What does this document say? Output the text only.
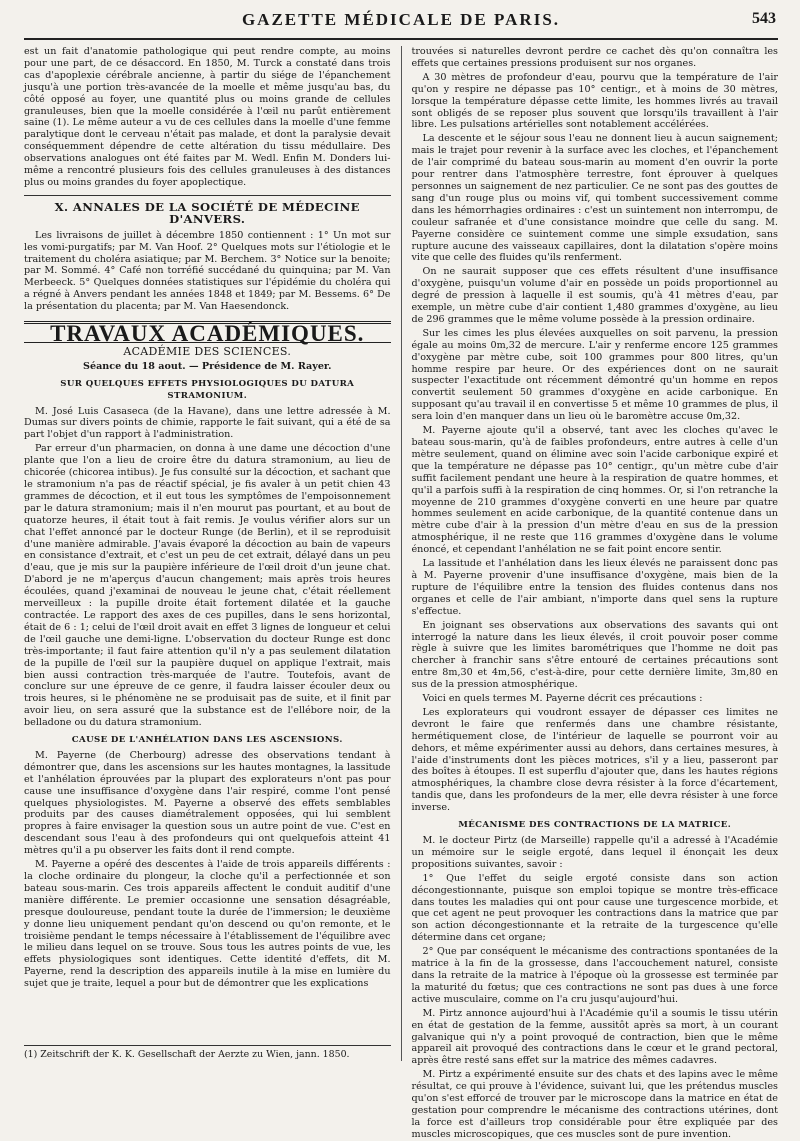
GAZETTE MÉDICALE DE PARIS.	543

est un fait d'anatomie pathologique qui peut rendre compte, au moins pour une part, de ce désaccord. En 1850, M. Turck a constaté dans trois cas d'apoplexie cérébrale ancienne, à partir du siége de l'épanchement jusqu'à une portion très-avancée de la moelle et même jusqu'au bas, du côté opposé au foyer, une quantité plus ou moins grande de cellules granuleuses, bien que la moelle considérée à l'œil nu parût entièrement saine (1). Le même auteur a vu de ces cellules dans la moelle d'une femme paralytique dont le cerveau n'était pas malade, et dont la paralysie devait conséquemment dépendre de cette altération du tissu médullaire. Des observations analogues ont été faites par M. Wedl. Enfin M. Donders lui-même a rencontré plusieurs fois des cellules granuleuses à des distances plus ou moins grandes du foyer apoplectique.

X. ANNALES DE LA SOCIÉTÉ DE MÉDECINE D'ANVERS.

Les livraisons de juillet à décembre 1850 contiennent : 1° Un mot sur les vomi-purgatifs; par M. Van Hoof. 2° Quelques mots sur l'étiologie et le traitement du choléra asiatique; par M. Berchem. 3° Notice sur la benoite; par M. Sommé. 4° Café non torréfié succédané du quinquina; par M. Van Merbeeck. 5° Quelques données statistiques sur l'épidémie du choléra qui a régné à Anvers pendant les années 1848 et 1849; par M. Bessems. 6° De la présentation du placenta; par M. Van Haesendonck.

TRAVAUX ACADÉMIQUES.
ACADÉMIE DES SCIENCES.
Séance du 18 aout. — Présidence de M. Rayer.
SUR QUELQUES EFFETS PHYSIOLOGIQUES DU DATURA STRAMONIUM.

M. José Luis Casaseca (de la Havane), dans une lettre adressée à M. Dumas sur divers points de chimie, rapporte le fait suivant, qui a été de sa part l'objet d'un rapport à l'administration.

Par erreur d'un pharmacien, on donna à une dame une décoction d'une plante que l'on a lieu de croire être du datura stramonium, au lieu de chicorée (chicorea intibus). Je fus consulté sur la décoction, et sachant que le stramonium n'a pas de réactif spécial, je fis avaler à un petit chien 43 grammes de décoction, et il eut tous les symptômes de l'empoisonnement par le datura stramonium; mais il n'en mourut pas pourtant, et au bout de quatorze heures, il était tout à fait remis. Je voulus vérifier alors sur un chat l'effet annoncé par le docteur Runge (de Berlin), et il se reproduisit d'une manière admirable. J'avais évaporé la décoction au bain de vapeurs en consistance d'extrait, et c'est un peu de cet extrait, délayé dans un peu d'eau, que je mis sur la paupière inférieure de l'œil droit d'un jeune chat. D'abord je ne m'aperçus d'aucun changement; mais après trois heures écoulées, quand j'examinai de nouveau le jeune chat, c'était réellement merveilleux : la pupille droite était fortement dilatée et la gauche contractée. Le rapport des axes de ces pupilles, dans le sens horizontal, était de 6 : 1; celui de l'œil droit avait en effet 3 lignes de longueur et celui de l'œil gauche une demi-ligne. L'observation du docteur Runge est donc très-importante; il faut faire attention qu'il n'y a pas seulement dilatation de la pupille de l'œil sur la paupière duquel on applique l'extrait, mais bien aussi contraction très-marquée de l'autre. Toutefois, avant de conclure sur une épreuve de ce genre, il faudra laisser écouler deux ou trois heures, si le phénomène ne se produisait pas de suite, et il finit par avoir lieu, on sera assuré que la substance est de l'ellébore noir, de la belladone ou du datura stramonium.

CAUSE DE L'ANHÉLATION DANS LES ASCENSIONS.

M. Payerne (de Cherbourg) adresse des observations tendant à démontrer que, dans les ascensions sur les hautes montagnes, la lassitude et l'anhélation éprouvées par la plupart des explorateurs n'ont pas pour cause une insuffisance d'oxygène dans l'air respiré, comme l'ont pensé quelques physiologistes. M. Payerne a observé des effets semblables produits par des causes diamétralement opposées, qui lui semblent propres à faire envisager la question sous un autre point de vue. C'est en descendant sous l'eau à des profondeurs qui ont quelquefois atteint 41 mètres qu'il a pu observer les faits dont il rend compte.

M. Payerne a opéré des descentes à l'aide de trois appareils différents : la cloche ordinaire du plongeur, la cloche qu'il a perfectionnée et son bateau sous-marin. Ces trois appareils affectent le conduit auditif d'une manière différente. Le premier occasionne une sensation désagréable, presque douloureuse, pendant toute la durée de l'immersion; le deuxième y donne lieu uniquement pendant qu'on descend ou qu'on remonte, et le troisième pendant le temps nécessaire à l'établissement de l'équilibre avec le milieu dans lequel on se trouve. Sous tous les autres points de vue, les effets physiologiques sont identiques. Cette identité d'effets, dit M. Payerne, rend la description des appareils inutile à la mise en lumière du sujet que je traite, lequel a pour but de démontrer que les explications

(1) Zeitschrift der K. K. Gesellschaft der Aerzte zu Wien, jann. 1850.

trouvées si naturelles devront perdre ce cachet dès qu'on connaîtra les effets que certaines pressions produisent sur nos organes.

A 30 mètres de profondeur d'eau, pourvu que la température de l'air qu'on y respire ne dépasse pas 10° centigr., et à moins de 30 mètres, lorsque la température dépasse cette limite, les hommes livrés au travail sont obligés de se reposer plus souvent que lorsqu'ils travaillent à l'air libre. Les pulsations artérielles sont notablement accélérées.

La descente et le séjour sous l'eau ne donnent lieu à aucun saignement; mais le trajet pour revenir à la surface avec les cloches, et l'épanchement de l'air comprimé du bateau sous-marin au moment d'en ouvrir la porte pour rentrer dans l'atmosphère terrestre, font éprouver à quelques personnes un saignement de nez particulier. Ce ne sont pas des gouttes de sang d'un rouge plus ou moins vif, qui tombent successivement comme dans les hémorrhagies ordinaires : c'est un suintement non interrompu, de couleur safranée et d'une consistance moindre que celle du sang. M. Payerne considère ce suintement comme une simple exsudation, sans rupture aucune des vaisseaux capillaires, dont la dilatation s'opère moins vite que celle des fluides qu'ils renferment.

On ne saurait supposer que ces effets résultent d'une insuffisance d'oxygène, puisqu'un volume d'air en possède un poids proportionnel au degré de pression à laquelle il est soumis, qu'à 41 mètres d'eau, par exemple, un mètre cube d'air contient 1,480 grammes d'oxygène, au lieu de 296 grammes que le même volume possède à la pression ordinaire.

Sur les cimes les plus élevées auxquelles on soit parvenu, la pression égale au moins 0m,32 de mercure. L'air y renferme encore 125 grammes d'oxygène par mètre cube, soit 100 grammes pour 800 litres, qu'un homme respire par heure. Or des expériences dont on ne saurait suspecter l'exactitude ont récemment démontré qu'un homme en repos convertit seulement 50 grammes d'oxygène en acide carbonique. En supposant qu'au travail il en convertisse 5 et même 10 grammes de plus, il sera loin d'en manquer dans un lieu où le baromètre accuse 0m,32.

M. Payerne ajoute qu'il a observé, tant avec les cloches qu'avec le bateau sous-marin, qu'à de faibles profondeurs, entre autres à celle d'un mètre seulement, quand on élimine avec soin l'acide carbonique expiré et que la température ne dépasse pas 10° centigr., qu'un mètre cube d'air suffit facilement pendant une heure à la respiration de quatre hommes, et qu'il a parfois suffi à la respiration de cinq hommes. Or, si l'on retranche la moyenne de 210 grammes d'oxygène converti en une heure par quatre hommes seulement en acide carbonique, de la quantité contenue dans un mètre cube d'air à la pression d'un mètre d'eau en sus de la pression atmosphérique, il ne reste que 116 grammes d'oxygène dans le volume énoncé, et cependant l'anhélation ne se fait point encore sentir.

La lassitude et l'anhélation dans les lieux élevés ne paraissent donc pas à M. Payerne provenir d'une insuffisance d'oxygène, mais bien de la rupture de l'équilibre entre la tension des fluides contenus dans nos organes et celle de l'air ambiant, n'importe dans quel sens la rupture s'effectue.

En joignant ses observations aux observations des savants qui ont interrogé la nature dans les lieux élevés, il croit pouvoir poser comme règle à suivre que les limites barométriques que l'homme ne doit pas chercher à franchir sans s'être entouré de certaines précautions sont entre 8m,30 et 4m,56, c'est-à-dire, pour cette dernière limite, 3m,80 en sus de la pression atmosphérique.

Voici en quels termes M. Payerne décrit ces précautions :

Les explorateurs qui voudront essayer de dépasser ces limites ne devront le faire que renfermés dans une chambre résistante, hermétiquement close, de l'intérieur de laquelle se pourront voir au dehors, et même expérimenter aussi au dehors, dans certaines mesures, à l'aide d'instruments dont les pièces motrices, s'il y a lieu, passeront par des boîtes à étoupes. Il est superflu d'ajouter que, dans les hautes régions atmosphériques, la chambre close devra résister à la force d'écartement, tandis que, dans les profondeurs de la mer, elle devra résister à une force inverse.

MÉCANISME DES CONTRACTIONS DE LA MATRICE.

M. le docteur Pirtz (de Marseille) rappelle qu'il a adressé à l'Académie un mémoire sur le seigle ergoté, dans lequel il énonçait les deux propositions suivantes, savoir :

1° Que l'effet du seigle ergoté consiste dans son action décongestionnante, puisque son emploi topique se montre très-efficace dans toutes les maladies qui ont pour cause une turgescence morbide, et que cet agent ne peut provoquer les contractions dans la matrice que par son action décongestionnante et la retraite de la turgescence qu'elle détermine dans cet organe;

2° Que par conséquent le mécanisme des contractions spontanées de la matrice à la fin de la grossesse, dans l'accouchement naturel, consiste dans la retraite de la matrice à l'époque où la grossesse est terminée par la maturité du fœtus; que ces contractions ne sont pas dues à une force active musculaire, comme on l'a cru jusqu'aujourd'hui.

M. Pirtz annonce aujourd'hui à l'Académie qu'il a soumis le tissu utérin en état de gestation de la femme, aussitôt après sa mort, à un courant galvanique qui n'y a point provoqué de contraction, bien que le même appareil ait provoqué des contractions dans le cœur et le grand pectoral, après être resté sans effet sur la matrice des mêmes cadavres.

M. Pirtz a expérimenté ensuite sur des chats et des lapins avec le même résultat, ce qui prouve à l'évidence, suivant lui, que les prétendus muscles qu'on s'est efforcé de trouver par le microscope dans la matrice en état de gestation pour comprendre le mécanisme des contractions utérines, dont la force est d'ailleurs trop considérable pour être expliquée par des muscles microscopiques, que ces muscles sont de pure invention.
